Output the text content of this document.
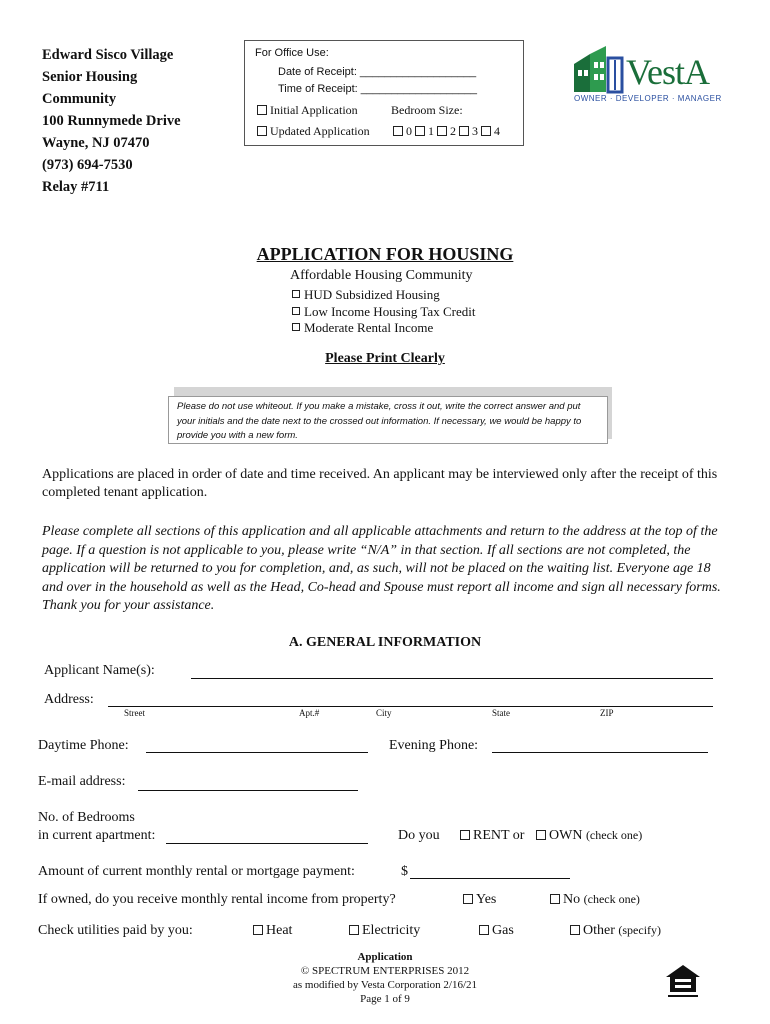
Edward Sisco Village
Senior Housing
Community
100 Runnymede Drive
Wayne, NJ 07470
(973) 694-7530
Relay #711
For Office Use:
Date of Receipt: ___________________
Time of Receipt: ___________________
Initial Application	Bedroom Size:
Updated Application	0 1 2 3 4
VestA
OWNER · DEVELOPER · MANAGER
APPLICATION FOR HOUSING
Affordable Housing Community
HUD Subsidized Housing
Low Income Housing Tax Credit
Moderate Rental Income
Please Print Clearly
Please do not use whiteout. If you make a mistake, cross it out, write the correct answer and put your initials and the date next to the crossed out information. If necessary, we would be happy to provide you with a new form.
Applications are placed in order of date and time received. An applicant may be interviewed only after the receipt of this completed tenant application.
Please complete all sections of this application and all applicable attachments and return to the address at the top of the page. If a question is not applicable to you, please write “N/A” in that section. If all sections are not completed, the application will be returned to you for completion, and, as such, will not be placed on the waiting list. Everyone age 18 and over in the household as well as the Head, Co-head and Spouse must report all income and sign all necessary forms. Thank you for your assistance.
A. GENERAL INFORMATION
Applicant Name(s):
Address:
Street	Apt.#	City	State	ZIP
Daytime Phone:	Evening Phone:
E-mail address:
No. of Bedrooms
in current apartment:	Do you	RENT or	OWN (check one)
Amount of current monthly rental or mortgage payment:	$
If owned, do you receive monthly rental income from property?	Yes	No (check one)
Check utilities paid by you:	Heat	Electricity	Gas	Other (specify)
Application
© SPECTRUM ENTERPRISES 2012
as modified by Vesta Corporation 2/16/21
Page 1 of 9
